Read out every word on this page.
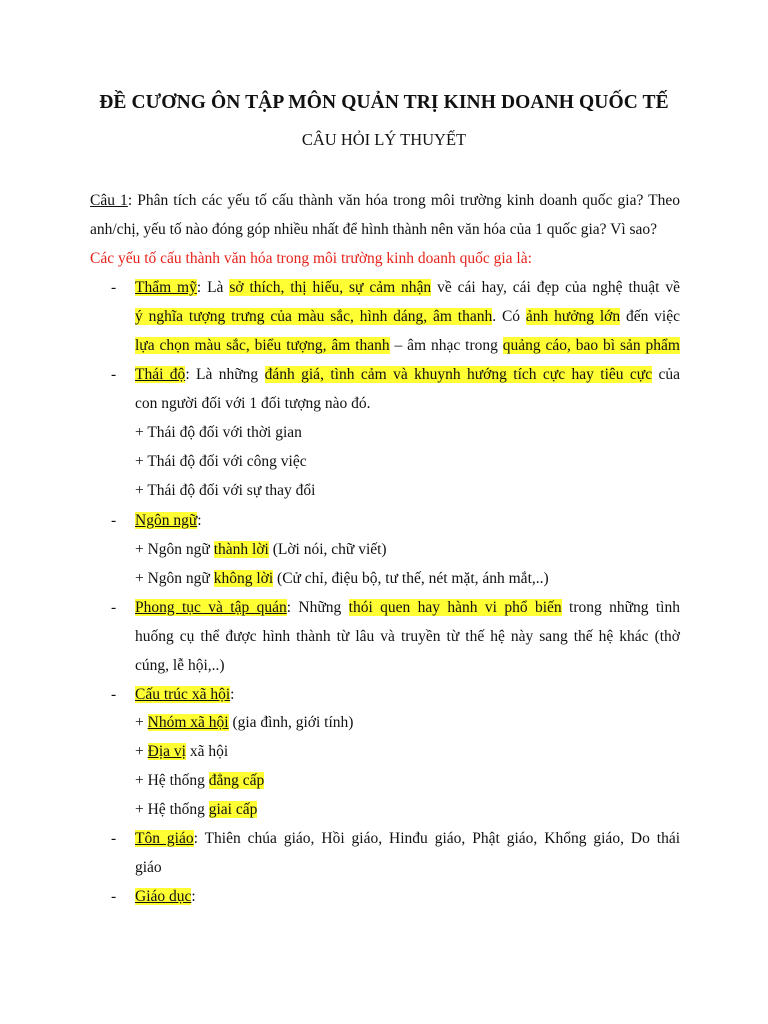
ĐỀ CƯƠNG ÔN TẬP MÔN QUẢN TRỊ KINH DOANH QUỐC TẾ
CÂU HỎI LÝ THUYẾT
Câu 1: Phân tích các yếu tố cấu thành văn hóa trong môi trường kinh doanh quốc gia? Theo
anh/chị, yếu tố nào đóng góp nhiều nhất để hình thành nên văn hóa của 1 quốc gia? Vì sao?
Các yếu tố cấu thành văn hóa trong môi trường kinh doanh quốc gia là:
- Thẩm mỹ: Là sở thích, thị hiếu, sự cảm nhận về cái hay, cái đẹp của nghệ thuật về
ý nghĩa tượng trưng của màu sắc, hình dáng, âm thanh. Có ảnh hưởng lớn đến việc
lựa chọn màu sắc, biểu tượng, âm thanh – âm nhạc trong quảng cáo, bao bì sản phẩm
- Thái độ: Là những đánh giá, tình cảm và khuynh hướng tích cực hay tiêu cực của
con người đối với 1 đối tượng nào đó.
+ Thái độ đối với thời gian
+ Thái độ đối với công việc
+ Thái độ đối với sự thay đổi
- Ngôn ngữ:
+ Ngôn ngữ thành lời (Lời nói, chữ viết)
+ Ngôn ngữ không lời (Cử chỉ, điệu bộ, tư thế, nét mặt, ánh mắt,..)
- Phong tục và tập quán: Những thói quen hay hành vi phổ biến trong những tình
huống cụ thể được hình thành từ lâu và truyền từ thế hệ này sang thế hệ khác (thờ
cúng, lễ hội,..)
- Cấu trúc xã hội:
+ Nhóm xã hội (gia đình, giới tính)
+ Địa vị xã hội
+ Hệ thống đẳng cấp
+ Hệ thống giai cấp
- Tôn giáo: Thiên chúa giáo, Hồi giáo, Hinđu giáo, Phật giáo, Khổng giáo, Do thái
giáo
- Giáo dục:
